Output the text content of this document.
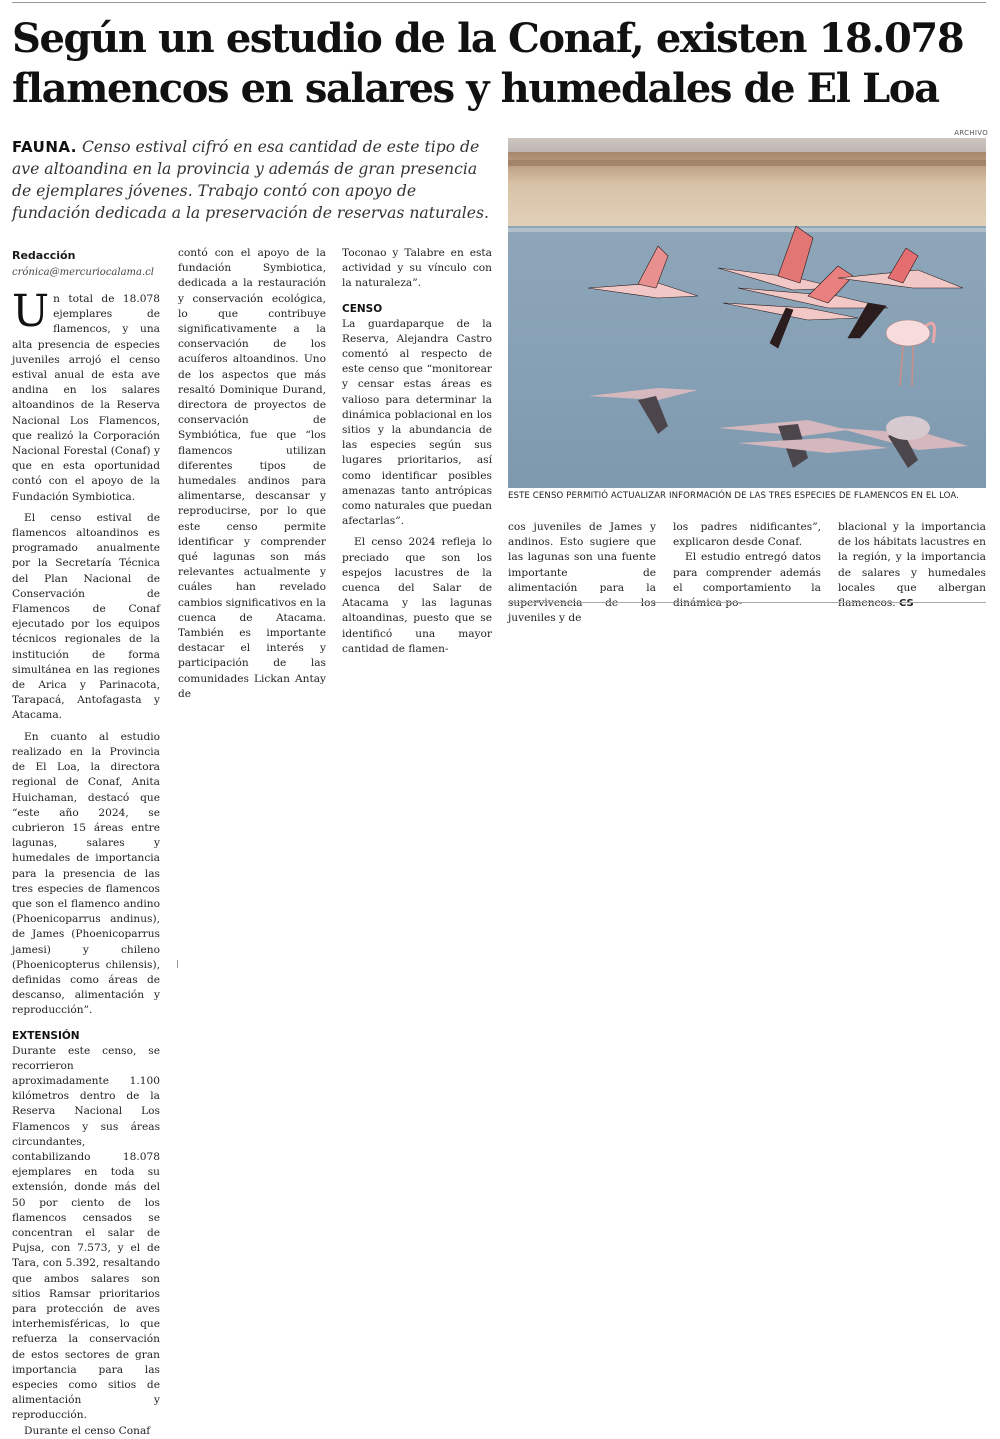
Según un estudio de la Conaf, existen 18.078 flamencos en salares y humedales de El Loa
FAUNA. Censo estival cifró en esa cantidad de este tipo de ave altoandina en la provincia y además de gran presencia de ejemplares jóvenes. Trabajo contó con apoyo de fundación dedicada a la preservación de reservas naturales.
Redacción
crónica@mercuriocalama.cl

Un total de 18.078 ejemplares de flamencos, y una alta presencia de especies juveniles arrojó el censo estival anual de esta ave andina en los salares altoandinos de la Reserva Nacional Los Flamencos, que realizó la Corporación Nacional Forestal (Conaf) y que en esta oportunidad contó con el apoyo de la Fundación Symbiotica.

El censo estival de flamencos altoandinos es programado anualmente por la Secretaría Técnica del Plan Nacional de Conservación de Flamencos de Conaf ejecutado por los equipos técnicos regionales de la institución de forma simultánea en las regiones de Arica y Parinacota, Tarapacá, Antofagasta y Atacama.

En cuanto al estudio realizado en la Provincia de El Loa, la directora regional de Conaf, Anita Huichaman, destacó que “este año 2024, se cubrieron 15 áreas entre lagunas, salares y humedales de importancia para la presencia de las tres especies de flamencos que son el flamenco andino (Phoenicoparrus andinus), de James (Phoenicoparrus jamesi) y chileno (Phoenicopterus chilensis), definidas como áreas de descanso, alimentación y reproducción”.

EXTENSIÓN

Durante este censo, se recorrieron aproximadamente 1.100 kilómetros dentro de la Reserva Nacional Los Flamencos y sus áreas circundantes, contabilizando 18.078 ejemplares en toda su extensión, donde más del 50 por ciento de los flamencos censados se concentran el salar de Pujsa, con 7.573, y el de Tara, con 5.392, resaltando que ambos salares son sitios Ramsar prioritarios para protección de aves interhemisféricas, lo que refuerza la conservación de estos sectores de gran importancia para las especies como sitios de alimentación y reproducción.

Durante el censo Conaf

contó con el apoyo de la fundación Symbiotica, dedicada a la restauración y conservación ecológica, lo que contribuye significativamente a la conservación de los acuíferos altoandinos. Uno de los aspectos que más resaltó Dominique Durand, directora de proyectos de conservación de Symbiótica, fue que “los flamencos utilizan diferentes tipos de humedales andinos para alimentarse, descansar y reproducirse, por lo que este censo permite identificar y comprender qué lagunas son más relevantes actualmente y cuáles han revelado cambios significativos en la cuenca de Atacama. También es importante destacar el interés y participación de las comunidades Lickan Antay de

Toconao y Talabre en esta actividad y su vínculo con la naturaleza”.

CENSO

La guardaparque de la Reserva, Alejandra Castro comentó al respecto de este censo que “monitorear y censar estas áreas es valioso para determinar la dinámica poblacional en los sitios y la abundancia de las especies según sus lugares prioritarios, así como identificar posibles amenazas tanto antrópicas como naturales que puedan afectarlas”.

El censo 2024 refleja lo preciado que son los espejos lacustres de la cuenca del Salar de Atacama y las lagunas altoandinas, puesto que se identificó una mayor cantidad de flamen-

ARCHIVO
ESTE CENSO PERMITIÓ ACTUALIZAR INFORMACIÓN DE LAS TRES ESPECIES DE FLAMENCOS EN EL LOA.

cos juveniles de James y andinos. Esto sugiere que las lagunas son una fuente importante de alimentación para la supervivencia de los juveniles y de

los padres nidificantes”, explicaron desde Conaf.

El estudio entregó datos para comprender además el comportamiento la dinámica po-

blacional y la importancia de los hábitats lacustres en la región, y la importancia de salares y humedales locales que albergan flamencos. CS
